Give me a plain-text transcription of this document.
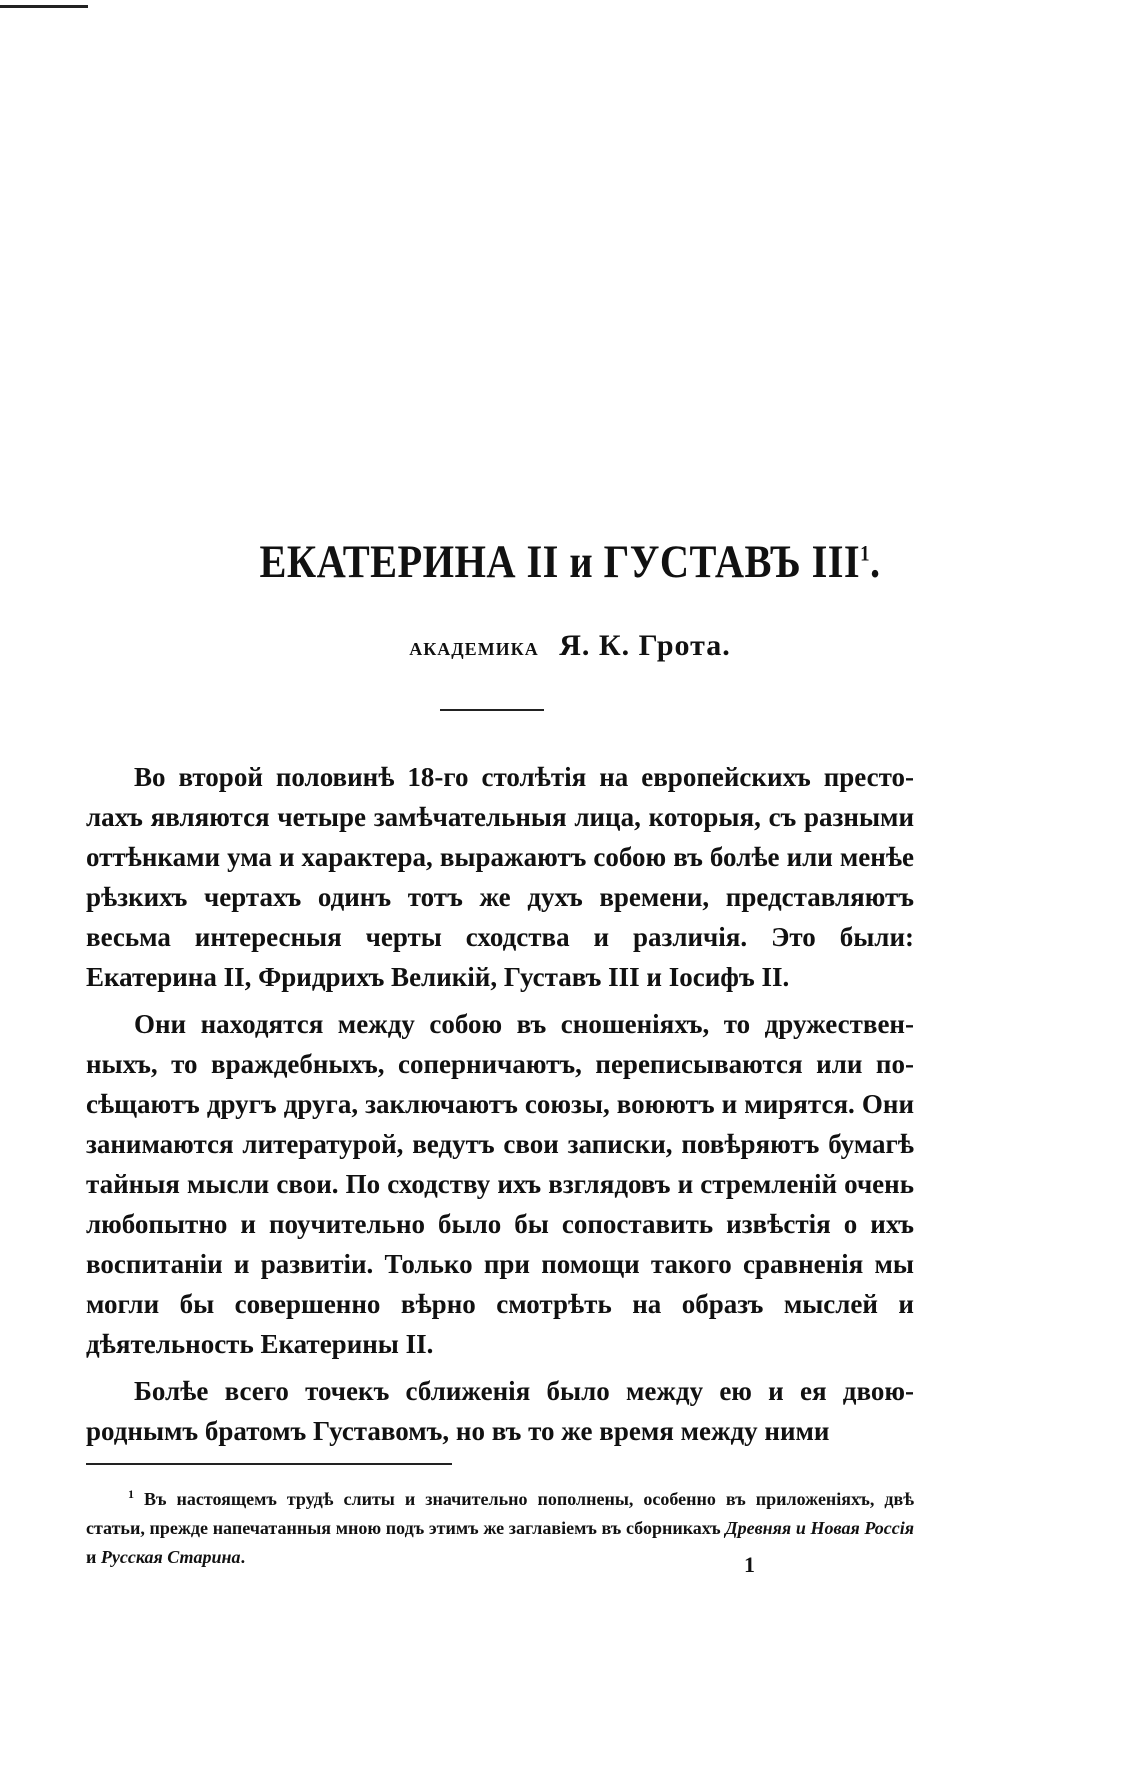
ЕКАТЕРИНА II и ГУСТАВЪ III$^1$.
АКАДЕМИКА Я. К. Грота.

Во второй половинѣ 18-го столѣтія на европейскихъ престолахъ являются четыре замѣчательныя лица, которыя, съ разными оттѣнками ума и характера, выражаютъ собою въ болѣе или менѣе рѣзкихъ чертахъ одинъ тотъ же духъ времени, представляютъ весьма интересныя черты сходства и различія. Это были: Екатерина II, Фридрихъ Великій, Густавъ III и Іосифъ II.

Они находятся между собою въ сношеніяхъ, то дружественныхъ, то враждебныхъ, соперничаютъ, переписываются или посѣщаютъ другъ друга, заключаютъ союзы, воюютъ и мирятся. Они занимаются литературой, ведутъ свои записки, повѣряютъ бумагѣ тайныя мысли свои. По сходству ихъ взглядовъ и стремленій очень любопытно и поучительно было бы сопоставить извѣстія о ихъ воспитаніи и развитіи. Только при помощи такого сравненія мы могли бы совершенно вѣрно смотрѣть на образъ мыслей и дѣятельность Екатерины II.

Болѣе всего точекъ сближенія было между ею и ея двоюроднымъ братомъ Густавомъ, но въ то же время между ними

$^1$ Въ настоящемъ трудѣ слиты и значительно пополнены, особенно въ приложеніяхъ, двѣ статьи, прежде напечатанныя мною подъ этимъ же заглавіемъ въ сборникахъ Древняя и Новая Россія и Русская Старина.	1
